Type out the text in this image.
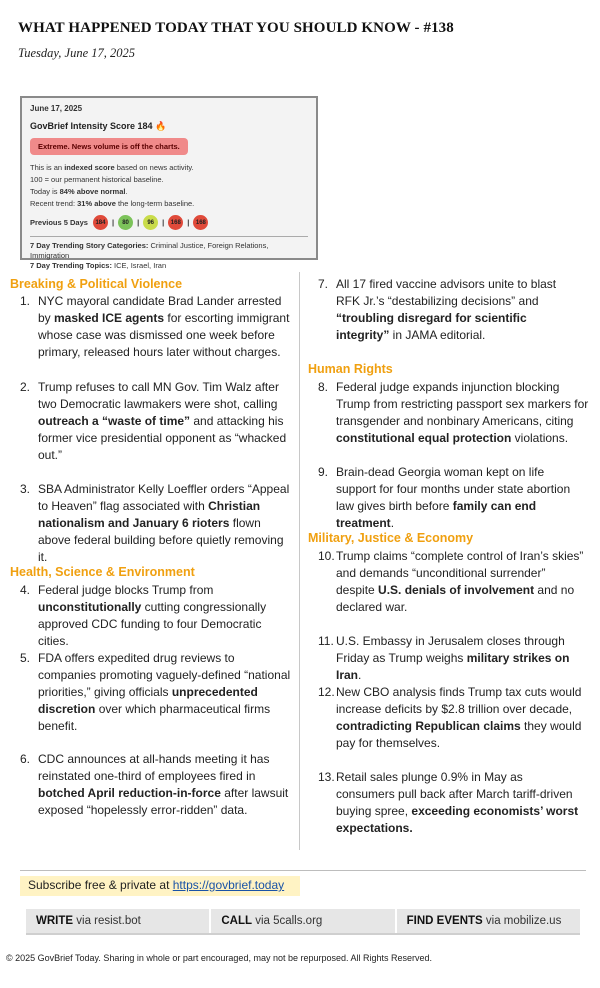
WHAT HAPPENED TODAY THAT YOU SHOULD KNOW - #138
Tuesday, June 17, 2025
June 17, 2025
GovBrief Intensity Score 184 🔥
Extreme. News volume is off the charts.
This is an indexed score based on news activity.
100 = our permanent historical baseline.
Today is 84% above normal.
Recent trend: 31% above the long-term baseline.
Previous 5 Days	184 |	80	|	96	|	168 |	168
7 Day Trending Story Categories: Criminal Justice, Foreign Relations, Immigration
7 Day Trending Topics: ICE, Israel, Iran
Breaking & Political Violence
1. NYC mayoral candidate Brad Lander arrested by masked ICE agents for escorting immigrant whose case was dismissed one week before primary, released hours later without charges.
2. Trump refuses to call MN Gov. Tim Walz after two Democratic lawmakers were shot, calling outreach a “waste of time” and attacking his former vice presidential opponent as “whacked out.”
3. SBA Administrator Kelly Loeffler orders “Appeal to Heaven” flag associated with Christian nationalism and January 6 rioters flown above federal building before quietly removing it.
Health, Science & Environment
4. Federal judge blocks Trump from unconstitutionally cutting congressionally approved CDC funding to four Democratic cities.
5. FDA offers expedited drug reviews to companies promoting vaguely-defined “national priorities,” giving officials unprecedented discretion over which pharmaceutical firms benefit.
6. CDC announces at all-hands meeting it has reinstated one-third of employees fired in botched April reduction-in-force after lawsuit exposed “hopelessly error-ridden” data.
7. All 17 fired vaccine advisors unite to blast RFK Jr.’s “destabilizing decisions” and “troubling disregard for scientific integrity” in JAMA editorial.
Human Rights
8. Federal judge expands injunction blocking Trump from restricting passport sex markers for transgender and nonbinary Americans, citing constitutional equal protection violations.
9. Brain-dead Georgia woman kept on life support for four months under state abortion law gives birth before family can end treatment.
Military, Justice & Economy
10. Trump claims “complete control of Iran’s skies” and demands “unconditional surrender” despite U.S. denials of involvement and no declared war.
11. U.S. Embassy in Jerusalem closes through Friday as Trump weighs military strikes on Iran.
12. New CBO analysis finds Trump tax cuts would increase deficits by $2.8 trillion over decade, contradicting Republican claims they would pay for themselves.
13. Retail sales plunge 0.9% in May as consumers pull back after March tariff-driven buying spree, exceeding economists’ worst expectations.
Subscribe free & private at https://govbrief.today
WRITE via resist.bot	CALL via 5calls.org	FIND EVENTS via mobilize.us
© 2025 GovBrief Today. Sharing in whole or part encouraged, may not be repurposed. All Rights Reserved.
